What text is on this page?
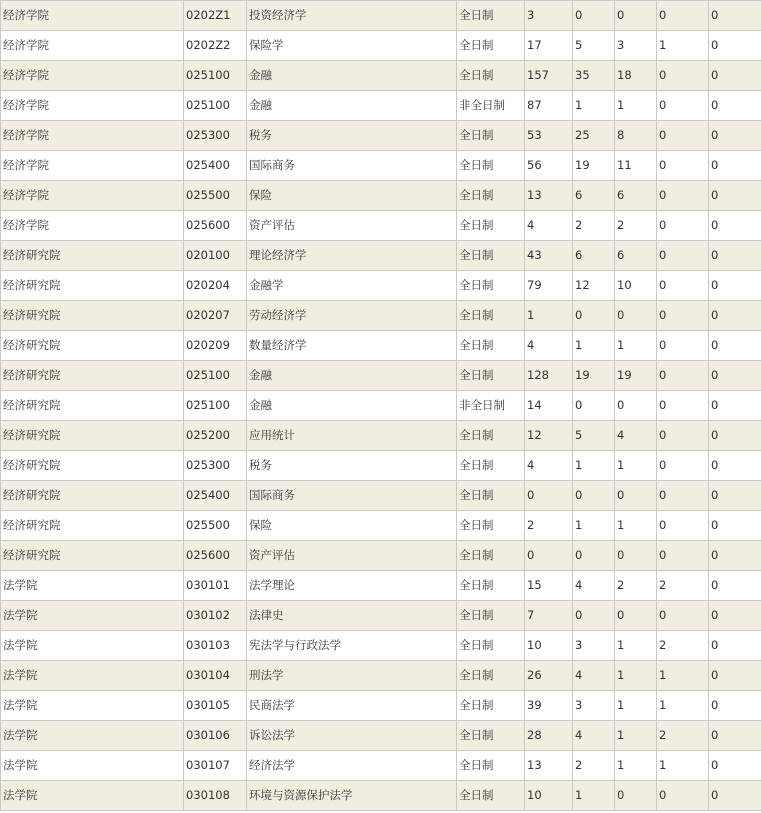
经济学院	0202Z1	投资经济学	全日制	3	0	0	0	0
经济学院	0202Z2	保险学	全日制	17	5	3	1	0
经济学院	025100	金融	全日制	157	35	18	0	0
经济学院	025100	金融	非全日制	87	1	1	0	0
经济学院	025300	税务	全日制	53	25	8	0	0
经济学院	025400	国际商务	全日制	56	19	11	0	0
经济学院	025500	保险	全日制	13	6	6	0	0
经济学院	025600	资产评估	全日制	4	2	2	0	0
经济研究院	020100	理论经济学	全日制	43	6	6	0	0
经济研究院	020204	金融学	全日制	79	12	10	0	0
经济研究院	020207	劳动经济学	全日制	1	0	0	0	0
经济研究院	020209	数量经济学	全日制	4	1	1	0	0
经济研究院	025100	金融	全日制	128	19	19	0	0
经济研究院	025100	金融	非全日制	14	0	0	0	0
经济研究院	025200	应用统计	全日制	12	5	4	0	0
经济研究院	025300	税务	全日制	4	1	1	0	0
经济研究院	025400	国际商务	全日制	0	0	0	0	0
经济研究院	025500	保险	全日制	2	1	1	0	0
经济研究院	025600	资产评估	全日制	0	0	0	0	0
法学院	030101	法学理论	全日制	15	4	2	2	0
法学院	030102	法律史	全日制	7	0	0	0	0
法学院	030103	宪法学与行政法学	全日制	10	3	1	2	0
法学院	030104	刑法学	全日制	26	4	1	1	0
法学院	030105	民商法学	全日制	39	3	1	1	0
法学院	030106	诉讼法学	全日制	28	4	1	2	0
法学院	030107	经济法学	全日制	13	2	1	1	0
法学院	030108	环境与资源保护法学	全日制	10	1	0	0	0
